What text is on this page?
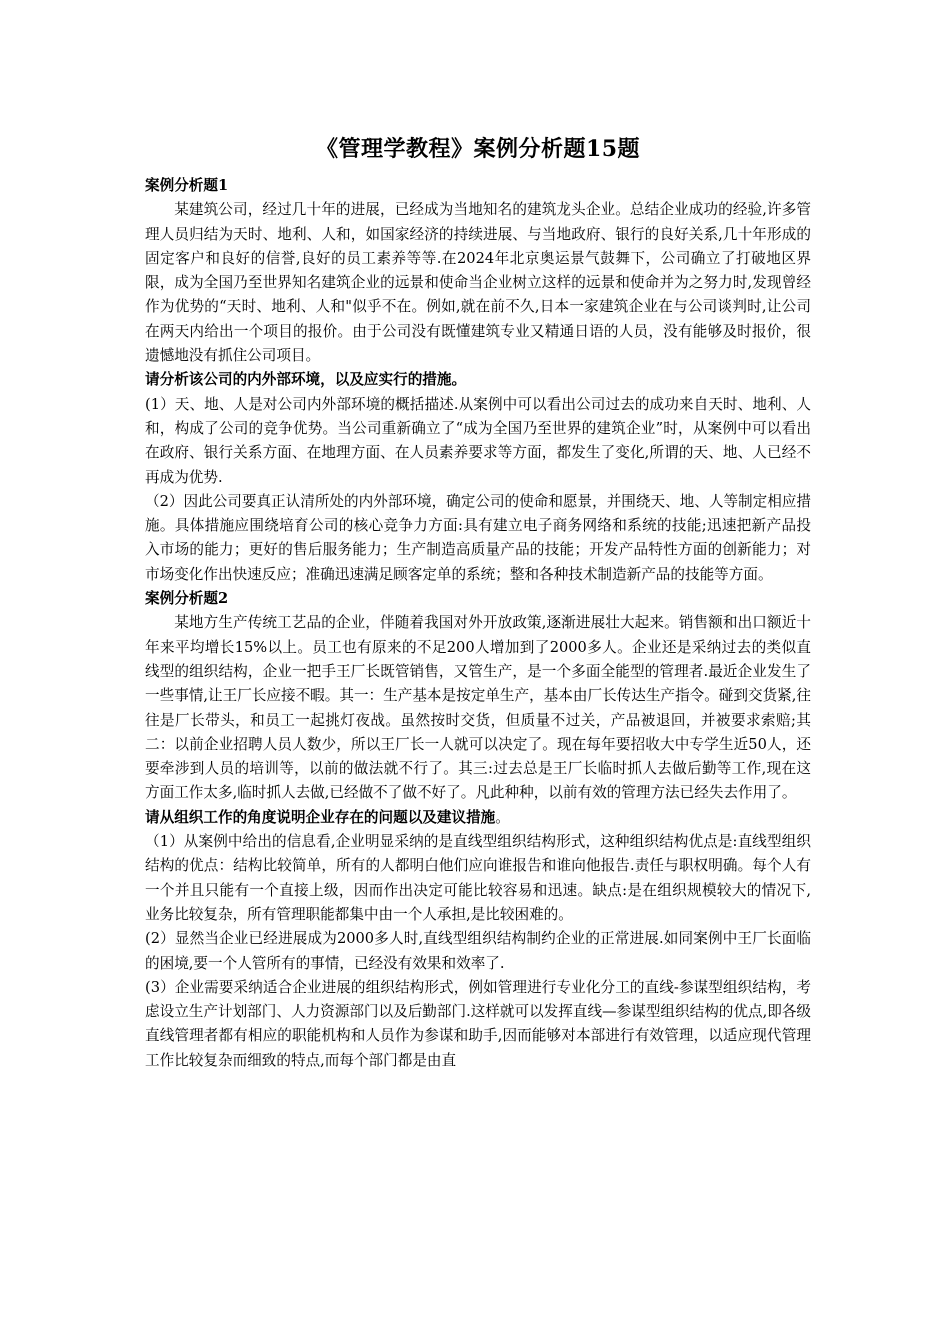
《管理学教程》案例分析题15题

案例分析题1

某建筑公司，经过几十年的进展，已经成为当地知名的建筑龙头企业。总结企业成功的经验,许多管理人员归结为天时、地利、人和，如国家经济的持续进展、与当地政府、银行的良好关系,几十年形成的固定客户和良好的信誉,良好的员工素养等等.在2024年北京奥运景气鼓舞下，公司确立了打破地区界限，成为全国乃至世界知名建筑企业的远景和使命当企业树立这样的远景和使命并为之努力时,发现曾经作为优势的“天时、地利、人和"似乎不在。例如,就在前不久,日本一家建筑企业在与公司谈判时,让公司在两天内给出一个项目的报价。由于公司没有既懂建筑专业又精通日语的人员，没有能够及时报价，很遗憾地没有抓住公司项目。

请分析该公司的内外部环境，以及应实行的措施。

(1）天、地、人是对公司内外部环境的概括描述.从案例中可以看出公司过去的成功来自天时、地利、人和，构成了公司的竞争优势。当公司重新确立了“成为全国乃至世界的建筑企业”时，从案例中可以看出在政府、银行关系方面、在地理方面、在人员素养要求等方面，都发生了变化,所谓的天、地、人已经不再成为优势.

（2）因此公司要真正认清所处的内外部环境，确定公司的使命和愿景，并围绕天、地、人等制定相应措施。具体措施应围绕培育公司的核心竞争力方面:具有建立电子商务网络和系统的技能;迅速把新产品投入市场的能力；更好的售后服务能力；生产制造高质量产品的技能；开发产品特性方面的创新能力；对市场变化作出快速反应；准确迅速满足顾客定单的系统；整和各种技术制造新产品的技能等方面。

案例分析题2

某地方生产传统工艺品的企业，伴随着我国对外开放政策,逐渐进展壮大起来。销售额和出口额近十年来平均增长15%以上。员工也有原来的不足200人增加到了2000多人。企业还是采纳过去的类似直线型的组织结构，企业一把手王厂长既管销售，又管生产，是一个多面全能型的管理者.最近企业发生了一些事情,让王厂长应接不暇。其一：生产基本是按定单生产，基本由厂长传达生产指令。碰到交货紧,往往是厂长带头，和员工一起挑灯夜战。虽然按时交货，但质量不过关，产品被退回，并被要求索赔;其二：以前企业招聘人员人数少，所以王厂长一人就可以决定了。现在每年要招收大中专学生近50人，还要牵涉到人员的培训等，以前的做法就不行了。其三:过去总是王厂长临时抓人去做后勤等工作,现在这方面工作太多,临时抓人去做,已经做不了做不好了。凡此种种，以前有效的管理方法已经失去作用了。

请从组织工作的角度说明企业存在的问题以及建议措施。

（1）从案例中给出的信息看,企业明显采纳的是直线型组织结构形式，这种组织结构优点是:直线型组织结构的优点：结构比较简单，所有的人都明白他们应向谁报告和谁向他报告.责任与职权明确。每个人有一个并且只能有一个直接上级，因而作出决定可能比较容易和迅速。缺点:是在组织规模较大的情况下,业务比较复杂，所有管理职能都集中由一个人承担,是比较困难的。

(2）显然当企业已经进展成为2000多人时,直线型组织结构制约企业的正常进展.如同案例中王厂长面临的困境,要一个人管所有的事情，已经没有效果和效率了.

(3）企业需要采纳适合企业进展的组织结构形式，例如管理进行专业化分工的直线-参谋型组织结构，考虑设立生产计划部门、人力资源部门以及后勤部门.这样就可以发挥直线—参谋型组织结构的优点,即各级直线管理者都有相应的职能机构和人员作为参谋和助手,因而能够对本部进行有效管理，以适应现代管理工作比较复杂而细致的特点,而每个部门都是由直
